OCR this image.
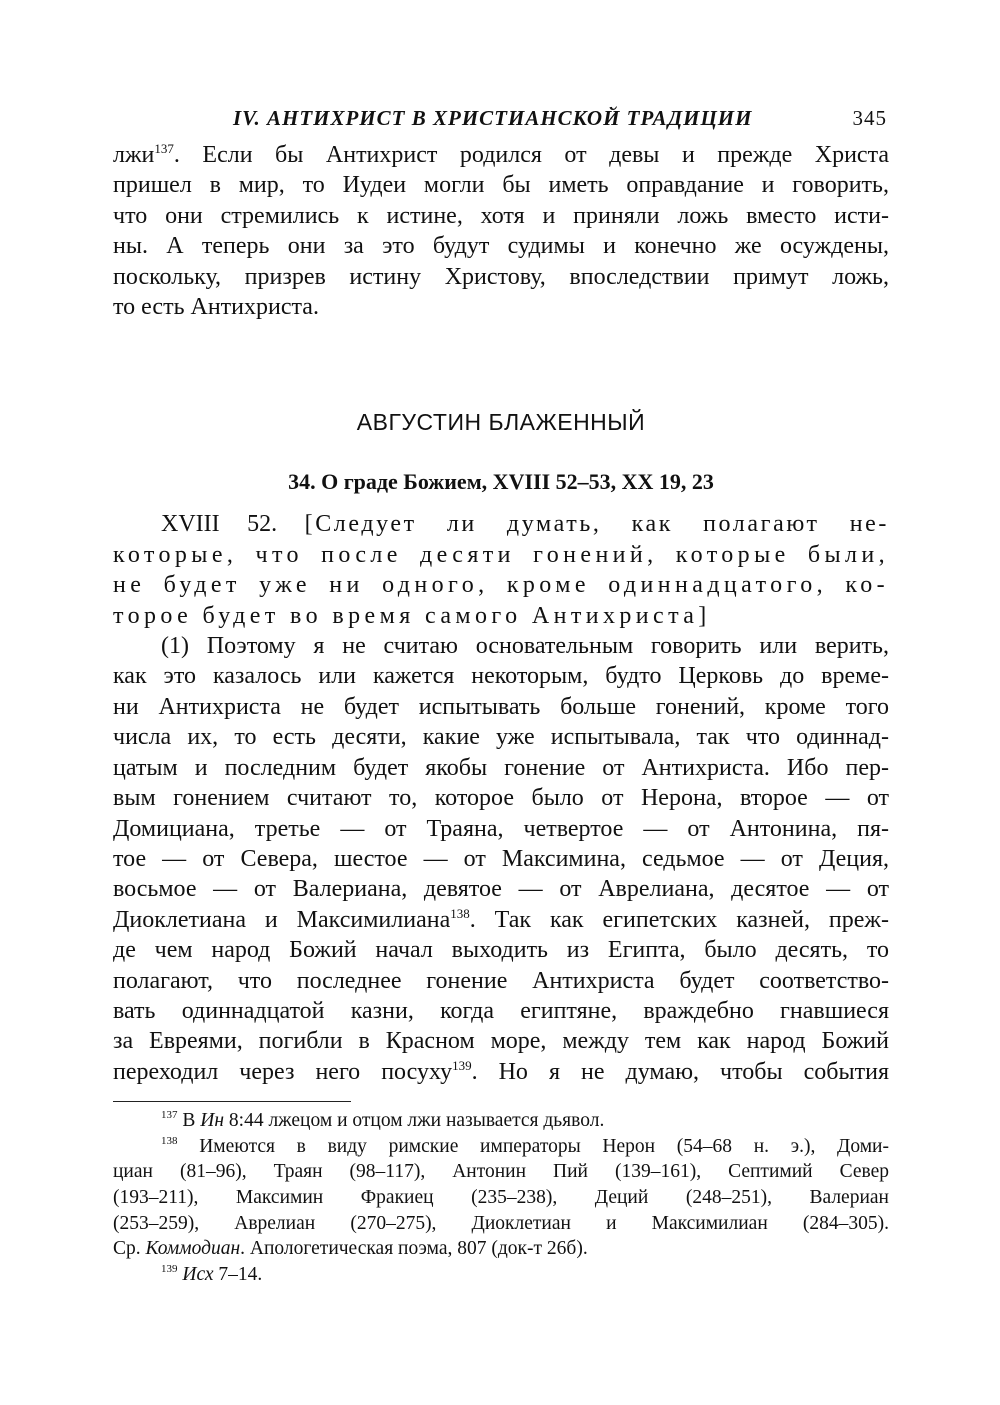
IV. АНТИХРИСТ В ХРИСТИАНСКОЙ ТРАДИЦИИ	345
лжи$^{137}$. Если бы Антихрист родился от девы и прежде Христа
пришел в мир, то Иудеи могли бы иметь оправдание и говорить,
что они стремились к истине, хотя и приняли ложь вместо исти-
ны. А теперь они за это будут судимы и конечно же осуждены,
поскольку, призрев истину Христову, впоследствии примут ложь,
то есть Антихриста.
АВГУСТИН БЛАЖЕННЫЙ
34. О граде Божием, XVIII 52–53, XX 19, 23
XVIII 52. [Следует ли думать, как полагают не-
которые, что после десяти гонений, которые были,
не будет уже ни одного, кроме одиннадцатого, ко-
торое будет во время самого Антихриста]
(1) Поэтому я не считаю основательным говорить или верить,
как это казалось или кажется некоторым, будто Церковь до време-
ни Антихриста не будет испытывать больше гонений, кроме того
числа их, то есть десяти, какие уже испытывала, так что одиннад-
цатым и последним будет якобы гонение от Антихриста. Ибо пер-
вым гонением считают то, которое было от Нерона, второе — от
Домициана, третье — от Траяна, четвертое — от Антонина, пя-
тое — от Севера, шестое — от Максимина, седьмое — от Деция,
восьмое — от Валериана, девятое — от Аврелиана, десятое — от
Диоклетиана и Максимилиана$^{138}$. Так как египетских казней, преж-
де чем народ Божий начал выходить из Египта, было десять, то
полагают, что последнее гонение Антихриста будет соответство-
вать одиннадцатой казни, когда египтяне, враждебно гнавшиеся
за Евреями, погибли в Красном море, между тем как народ Божий
переходил через него посуху$^{139}$. Но я не думаю, чтобы события
$^{137}$ В Ин 8:44 лжецом и отцом лжи называется дьявол.
$^{138}$ Имеются в виду римские императоры Нерон (54–68 н. э.), Доми-
циан (81–96), Траян (98–117), Антонин Пий (139–161), Септимий Север
(193–211), Максимин Фракиец (235–238), Деций (248–251), Валериан
(253–259), Аврелиан (270–275), Диоклетиан и Максимилиан (284–305).
Ср. Коммодиан. Апологетическая поэма, 807 (док-т 26б).
$^{139}$ Исх 7–14.
